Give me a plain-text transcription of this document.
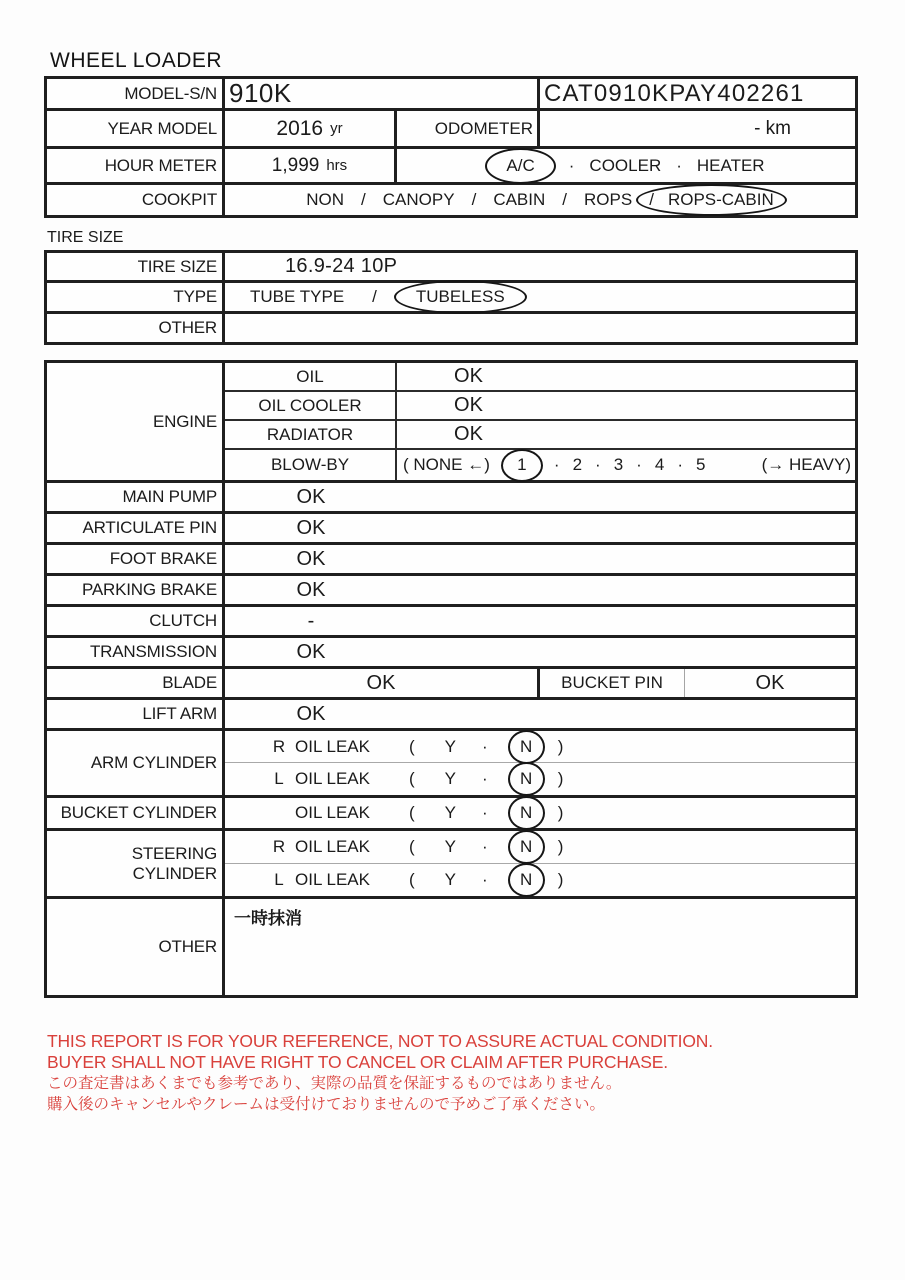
WHEEL LOADER
MODEL-S/N 910K	CAT0910KPAY402261
YEAR MODEL	2016 yr	ODOMETER	- km
HOUR METER	1,999 hrs	A/C · COOLER · HEATER
COOKPIT	NON / CANOPY / CABIN / ROPS / ROPS-CABIN
TIRE SIZE
TIRE SIZE	16.9-24 10P
TYPE	TUBE TYPE / TUBELESS
OTHER
ENGINE
OIL	OK
OIL COOLER	OK
RADIATOR	OK
BLOW-BY	( NONE ←) 1 · 2 · 3 · 4 · 5	(→ HEAVY)
MAIN PUMP	OK
ARTICULATE PIN	OK
FOOT BRAKE	OK
PARKING BRAKE	OK
CLUTCH	-
TRANSMISSION	OK
BLADE	OK	BUCKET PIN	OK
LIFT ARM	OK
ARM CYLINDER
R OIL LEAK ( Y · N )
L OIL LEAK ( Y · N )
BUCKET CYLINDER	OIL LEAK ( Y · N )
STEERING CYLINDER
R OIL LEAK ( Y · N )
L OIL LEAK ( Y · N )
OTHER
一時抹消
THIS REPORT IS FOR YOUR REFERENCE, NOT TO ASSURE ACTUAL CONDITION.
BUYER SHALL NOT HAVE RIGHT TO CANCEL OR CLAIM AFTER PURCHASE.
この査定書はあくまでも参考であり、実際の品質を保証するものではありません。
購入後のキャンセルやクレームは受付けておりませんので予めご了承ください。
